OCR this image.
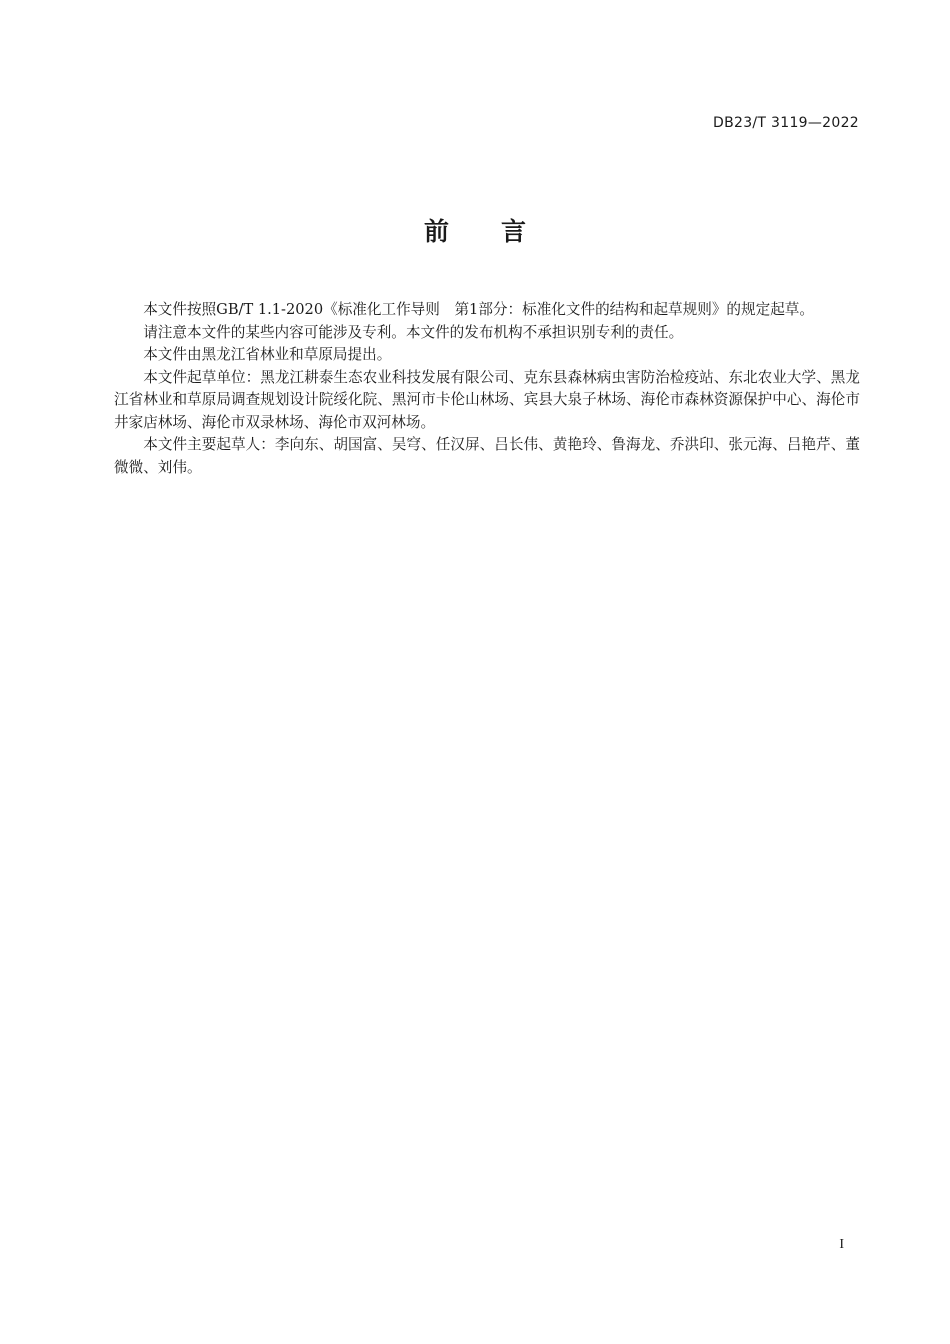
DB23/T 3119—2022
前言

本文件按照GB/T 1.1-2020《标准化工作导则　第1部分：标准化文件的结构和起草规则》的规定起草。

请注意本文件的某些内容可能涉及专利。本文件的发布机构不承担识别专利的责任。

本文件由黑龙江省林业和草原局提出。

本文件起草单位：黑龙江耕泰生态农业科技发展有限公司、克东县森林病虫害防治检疫站、东北农业大学、黑龙江省林业和草原局调查规划设计院绥化院、黑河市卡伦山林场、宾县大泉子林场、海伦市森林资源保护中心、海伦市井家店林场、海伦市双录林场、海伦市双河林场。

本文件主要起草人：李向东、胡国富、吴穹、任汉屏、吕长伟、黄艳玲、鲁海龙、乔洪印、张元海、吕艳芹、董微微、刘伟。

I
